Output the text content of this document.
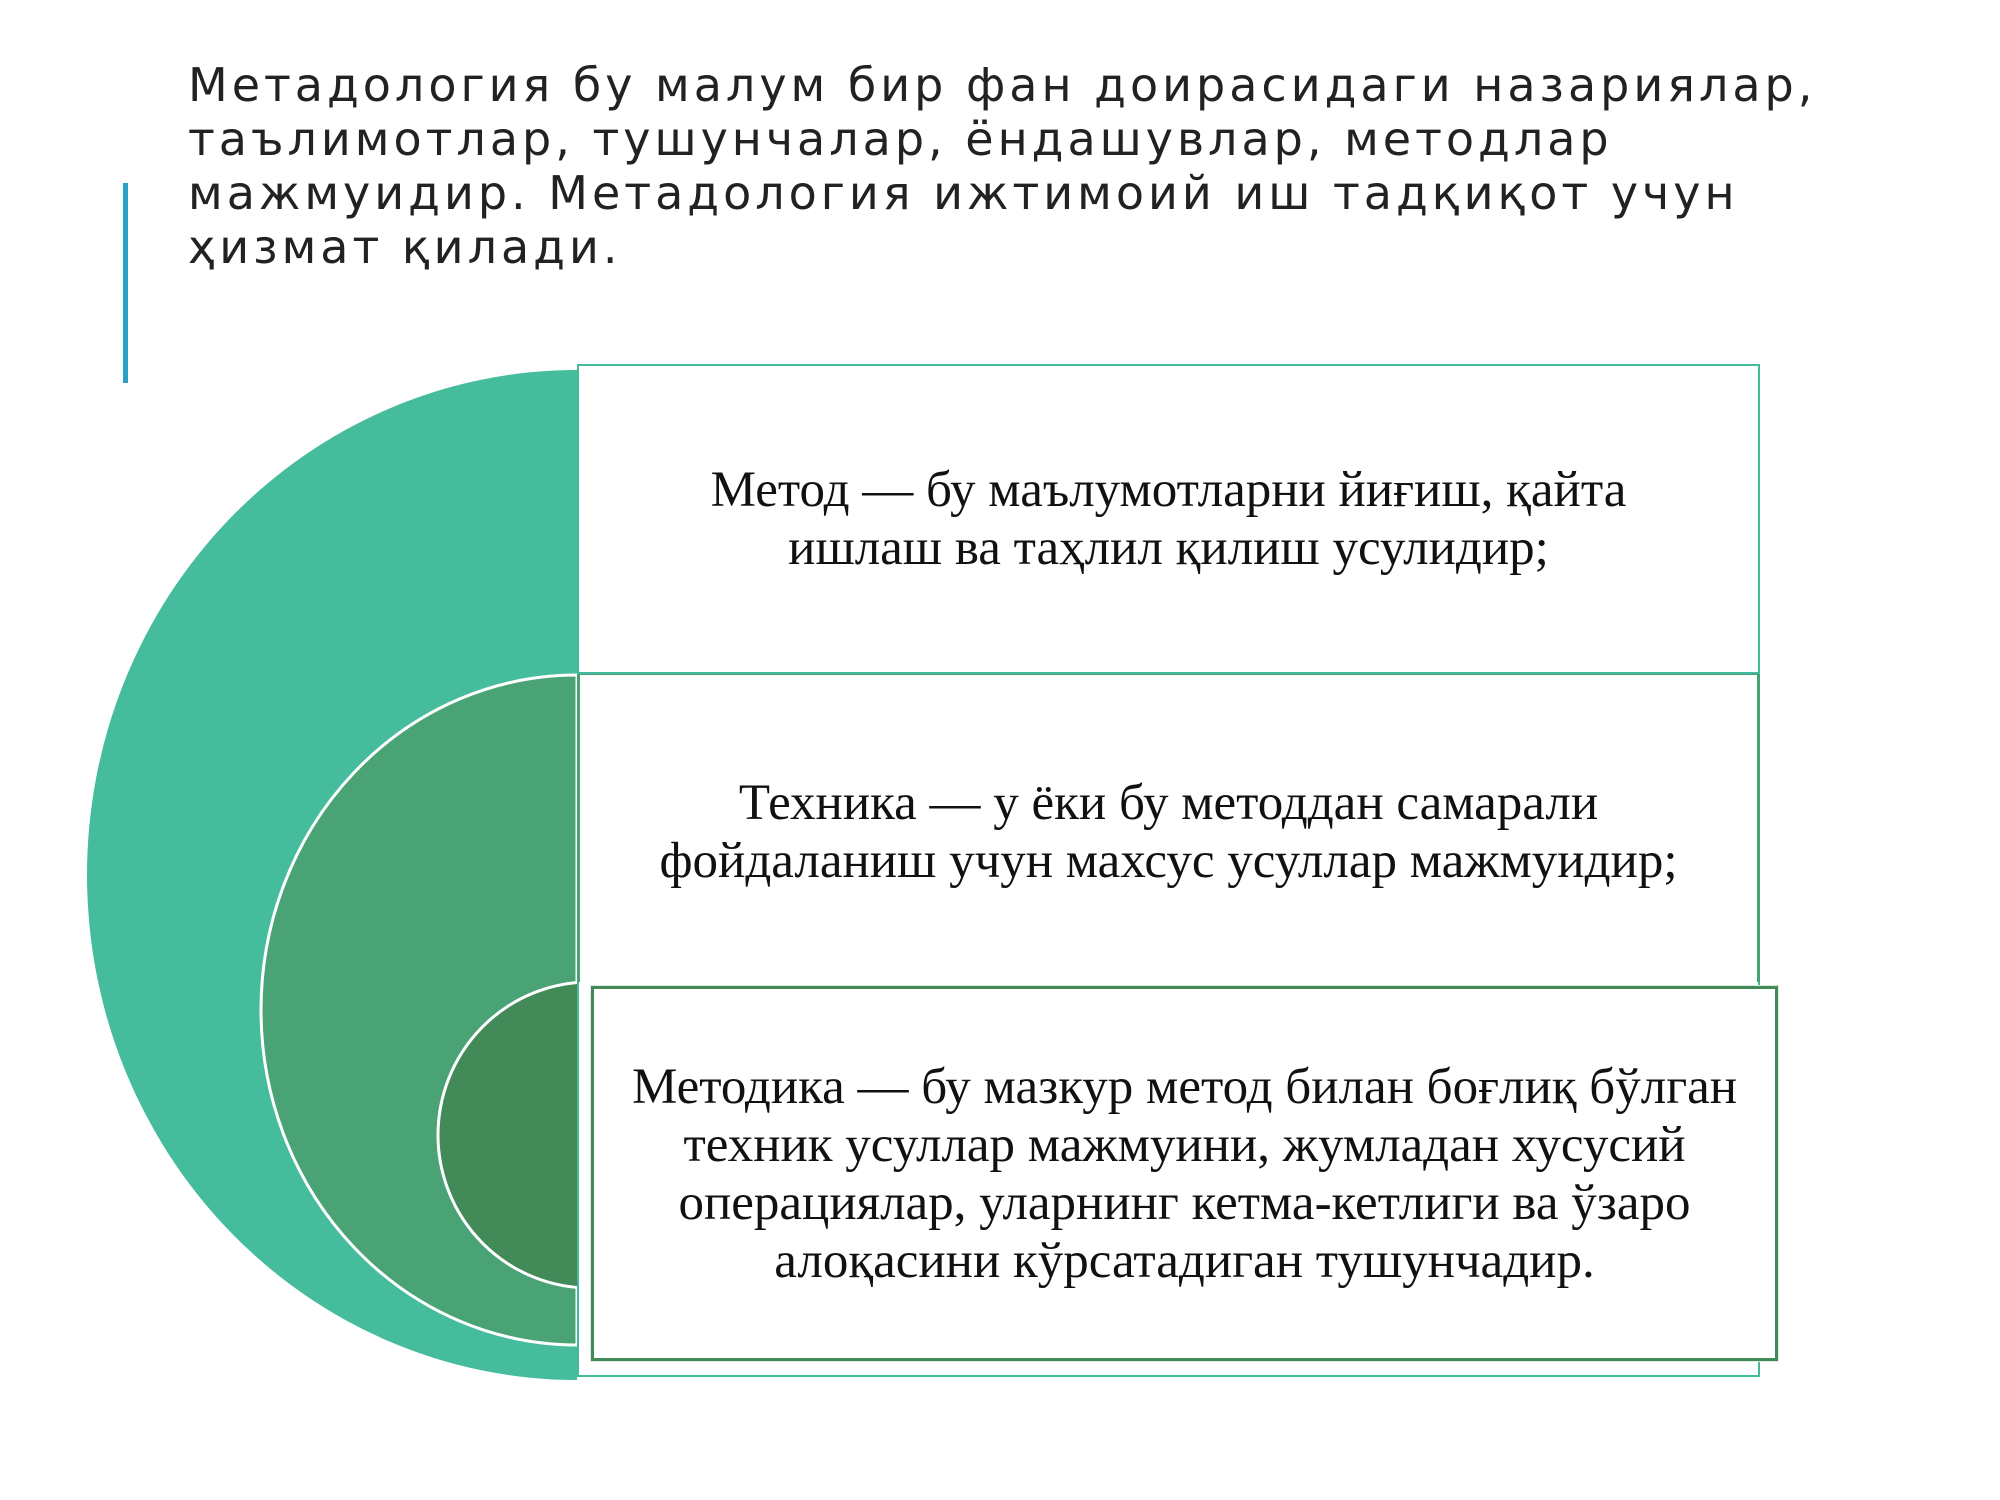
Метадология бу малум бир фан доирасидаги назариялар, таълимотлар, тушунчалар, ёндашувлар, методлар мажмуидир. Метадология ижтимоий иш тадқиқот учун ҳизмат қилади.

Техника — у ёки бу методдан самарали фойдаланиш учун махсус усуллар мажмуидир;
Метод — бу маълумотларни йиғиш, қайта ишлаш ва таҳлил қилиш усулидир;
Методика — бу мазкур метод билан боғлиқ бўлган техник усуллар мажмуини, жумладан хусусий операциялар, уларнинг кетма-кетлиги ва ўзаро алоқасини кўрсатадиган тушунчадир.
